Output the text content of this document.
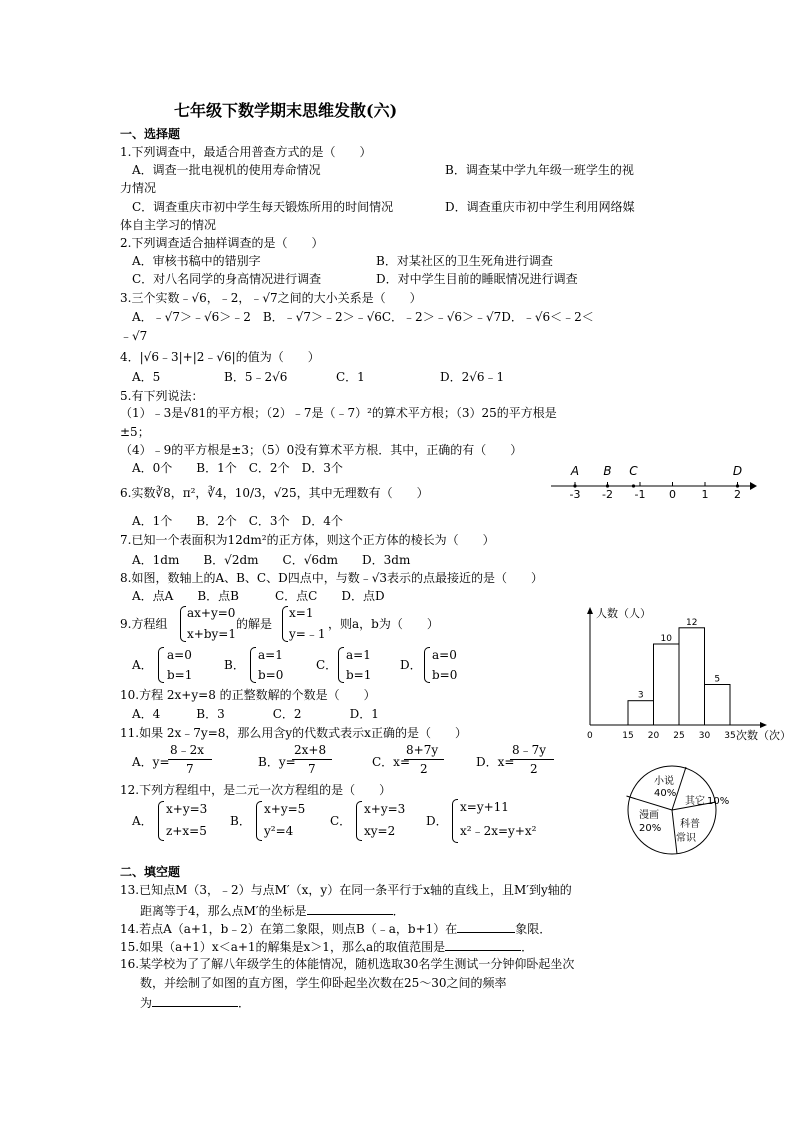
七年级下数学期末思维发散(六)
一、选择题
1.下列调查中，最适合用普查方式的是（　　）
A．调查一批电视机的使用寿命情况	B．调查某中学九年级一班学生的视
力情况
C．调查重庆市初中学生每天锻炼所用的时间情况	D．调查重庆市初中学生利用网络媒
体自主学习的情况
2.下列调查适合抽样调查的是（　　）
A．审核书稿中的错别字	B．对某社区的卫生死角进行调查
C．对八名同学的身高情况进行调查	D．对中学生目前的睡眠情况进行调查
3.三个实数﹣√6，﹣2，﹣√7之间的大小关系是（　　）
A．﹣√7＞﹣√6＞﹣2　B．﹣√7＞﹣2＞﹣√6C．﹣2＞﹣√6＞﹣√7D．﹣√6＜﹣2＜
﹣√7
4．|√6﹣3|+|2﹣√6|的值为（　　）
A．5	B．5﹣2√6	C．1	D．2√6﹣1
5.有下列说法：
（1）﹣3是√81的平方根；（2）﹣7是（﹣7）²的算术平方根；（3）25的平方根是
±5；
（4）﹣9的平方根是±3；（5）0没有算术平方根．其中，正确的有（　　）
A．0个　　B．1个　C．2个　D．3个
-3 -2 -1 0 1 2
A B C	D
6.实数∛8，π²，∛4，10/3，√25，其中无理数有（　　）
A．1个　　B．2个　C．3个　D．4个
7.已知一个表面积为12dm²的正方体，则这个正方体的棱长为（　　）
A．1dm　　B．√2dm　　C．√6dm　　D．3dm
8.如图，数轴上的A、B、C、D四点中，与数﹣√3表示的点最接近的是（　　）
A．点A　　B．点B　　　C．点C　　D．点D
9.方程组
ax+y=0
x+by=1
的解是
x=1
y=﹣1
，则a，b为（　　）
A．
a=0
b=1
B．
a=1
b=0
C．
a=1
b=1
D．
a=0
b=0
10.方程 2x+y=8 的正整数解的个数是（　　）
A．4　　　B．3　　　　C．2　　　　D．1
11.如果 2x﹣7y=8，那么用含y的代数式表示x正确的是（　　）
A．y=
8﹣2x
7	B．y=
2x+8
7	C．x=
8+7y
2	D．x=
8﹣7y
2
12.下列方程组中，是二元一次方程组的是（　　）
A．
x+y=3
z+x=5
B．
x+y=5
y²=4
C．
x+y=3
xy=2
D．
x=y+11
x²﹣2x=y+x²
二、填空题
13.已知点M（3，﹣2）与点M′（x，y）在同一条平行于x轴的直线上，且M′到y轴的
距离等于4，那么点M′的坐标是	．
14.若点A（a+1，b﹣2）在第二象限，则点B（﹣a，b+1）在	象限．
15.如果（a+1）x＜a+1的解集是x＞1，那么a的取值范围是	．
16.某学校为了了解八年级学生的体能情况，随机选取30名学生测试一分钟仰卧起坐次
数，并绘制了如图的直方图，学生仰卧起坐次数在25～30之间的频率
为	．
人数（人）
0	次数（次）
15 20 25 30 35
3
10
12
5
小说
40%
其它 10%
科普
常识
漫画
20%
